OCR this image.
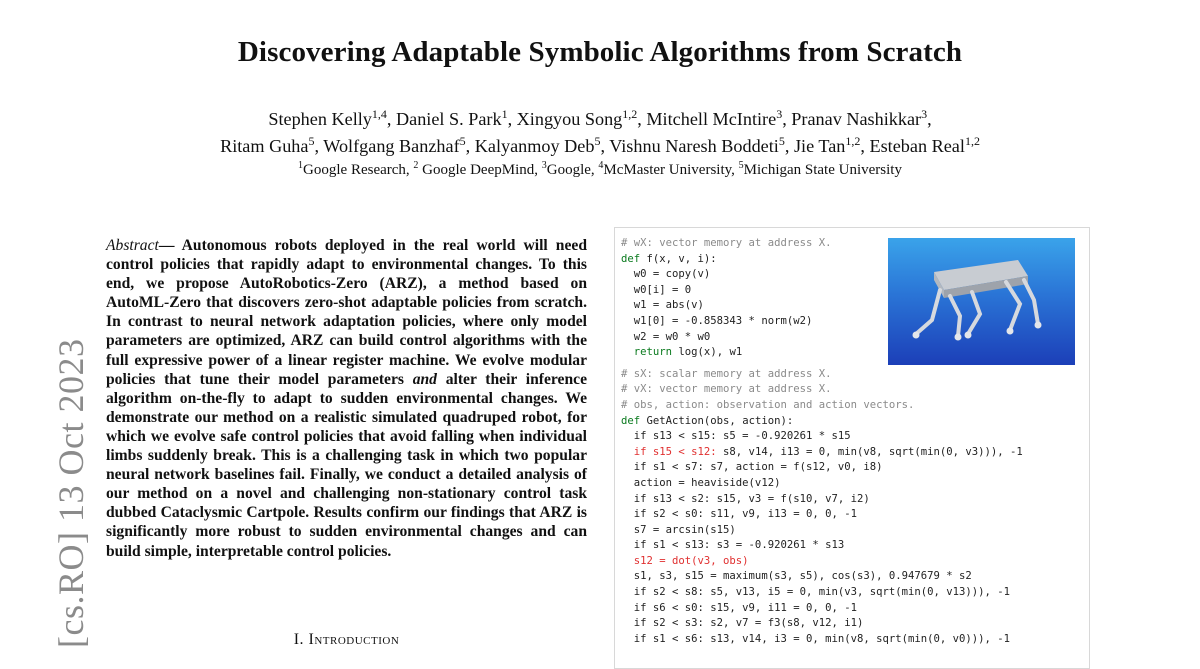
Discovering Adaptable Symbolic Algorithms from Scratch
Stephen Kelly$^{1,4}$, Daniel S. Park$^1$, Xingyou Song$^{1,2}$, Mitchell McIntire$^3$, Pranav Nashikkar$^3$,
Ritam Guha$^5$, Wolfgang Banzhaf$^5$, Kalyanmoy Deb$^5$, Vishnu Naresh Boddeti$^5$, Jie Tan$^{1,2}$, Esteban Real$^{1,2}$
$^1$Google Research, $^2$ Google DeepMind, $^3$Google, $^4$McMaster University, $^5$Michigan State University
[cs.RO] 13 Oct 2023
Abstract— Autonomous robots deployed in the real world will need control policies that rapidly adapt to environmental changes. To this end, we propose AutoRobotics-Zero (ARZ), a method based on AutoML-Zero that discovers zero-shot adaptable policies from scratch. In contrast to neural network adaptation policies, where only model parameters are optimized, ARZ can build control algorithms with the full expressive power of a linear register machine. We evolve modular policies that tune their model parameters and alter their inference algorithm on-the-fly to adapt to sudden environmental changes. We demonstrate our method on a realistic simulated quadruped robot, for which we evolve safe control policies that avoid falling when individual limbs suddenly break. This is a challenging task in which two popular neural network baselines fail. Finally, we conduct a detailed analysis of our method on a novel and challenging non-stationary control task dubbed Cataclysmic Cartpole. Results confirm our findings that ARZ is significantly more robust to sudden environmental changes and can build simple, interpretable control policies.
I. Introduction
# wX: vector memory at address X.
def f(x, v, i):
w0 = copy(v)
w0[i] = 0
w1 = abs(v)
w1[0] = -0.858343 * norm(w2)
w2 = w0 * w0
return log(x), w1
# sX: scalar memory at address X.
# vX: vector memory at address X.
# obs, action: observation and action vectors.
def GetAction(obs, action):
if s13 < s15: s5 = -0.920261 * s15
if s15 < s12: s8, v14, i13 = 0, min(v8, sqrt(min(0, v3))), -1
if s1 < s7: s7, action = f(s12, v0, i8)
action = heaviside(v12)
if s13 < s2: s15, v3 = f(s10, v7, i2)
if s2 < s0: s11, v9, i13 = 0, 0, -1
s7 = arcsin(s15)
if s1 < s13: s3 = -0.920261 * s13
s12 = dot(v3, obs)
s1, s3, s15 = maximum(s3, s5), cos(s3), 0.947679 * s2
if s2 < s8: s5, v13, i5 = 0, min(v3, sqrt(min(0, v13))), -1
if s6 < s0: s15, v9, i11 = 0, 0, -1
if s2 < s3: s2, v7 = f3(s8, v12, i1)
if s1 < s6: s13, v14, i3 = 0, min(v8, sqrt(min(0, v0))), -1
